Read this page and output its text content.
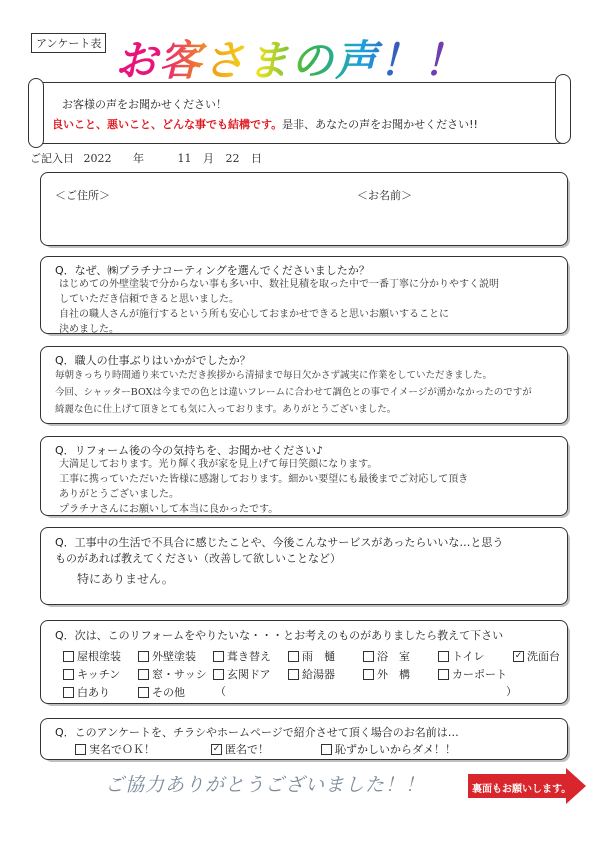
アンケート表 お客さまの声！！
お客様の声をお聞かせください！
良いこと、悪いこと、どんな事でも結構です。是非、あなたの声をお聞かせください!!
ご記入日 2022 年	11 月 22 日
＜ご住所＞	＜お名前＞
Q．なぜ、㈱プラチナコーティングを選んでくださいましたか？
はじめての外壁塗装で分からない事も多い中、数社見積を取った中で一番丁寧に分かりやすく説明
していただき信頼できると思いました。
自社の職人さんが施行するという所も安心しておまかせできると思いお願いすることに
決めました。
Q．職人の仕事ぶりはいかがでしたか？
毎朝きっちり時間通り来ていただき挨拶から清掃まで毎日欠かさず誠実に作業をしていただきました。
今回、シャッターBOXは今までの色とは違いフレームに合わせて調色との事でイメージが湧かなかったのですが
綺麗な色に仕上げて頂きとても気に入っております。ありがとうございました。
Q．リフォーム後の今の気持ちを、お聞かせください♪
大満足しております。光り輝く我が家を見上げて毎日笑顔になります。
工事に携っていただいた皆様に感謝しております。細かい要望にも最後までご対応して頂き
ありがとうございました。
プラチナさんにお願いして本当に良かったです。
Q．工事中の生活で不具合に感じたことや、今後こんなサービスがあったらいいな…と思う
ものがあれば教えてください（改善して欲しいことなど）
特にありません。
Q．次は、このリフォームをやりたいな・・・とお考えのものがありましたら教えて下さい
屋根塗装	外壁塗装	葺き替え	雨　樋	浴　室	トイレ	✓ 洗面台
キッチン	窓・サッシ 玄関ドア	給湯器	外　構	カーポート
白あり	その他	（	）
Q．このアンケートを、チラシやホームページで紹介させて頂く場合のお名前は…
実名でＯＫ！	✓ 匿名で！	恥ずかしいからダメ！！
ご協力ありがとうございました！！	裏面もお願いします。
